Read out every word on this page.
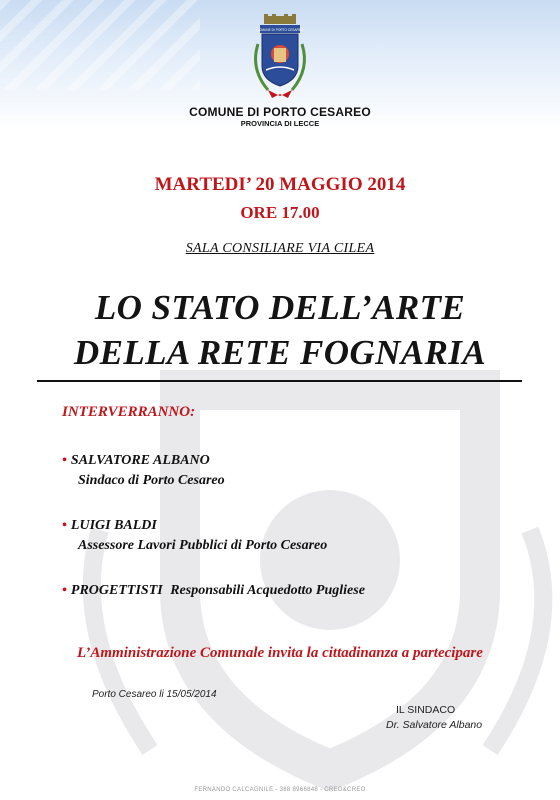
COMUNE DI PORTO CESAREO
COMUNE DI PORTO CESAREO
PROVINCIA DI LECCE
MARTEDI’ 20 MAGGIO 2014
ORE 17.00
SALA CONSILIARE VIA CILEA
LO STATO DELL’ARTE
DELLA RETE FOGNARIA
INTERVERRANNO:
• SALVATORE ALBANO
Sindaco di Porto Cesareo
• LUIGI BALDI
Assessore Lavori Pubblici di Porto Cesareo
• PROGETTISTI Responsabili Acquedotto Pugliese
L’Amministrazione Comunale invita la cittadinanza a partecipare
Porto Cesareo li 15/05/2014
IL SINDACO
Dr. Salvatore Albano
FERNANDO CALCAGNILE - 388 8966848 - CREO&CREO
